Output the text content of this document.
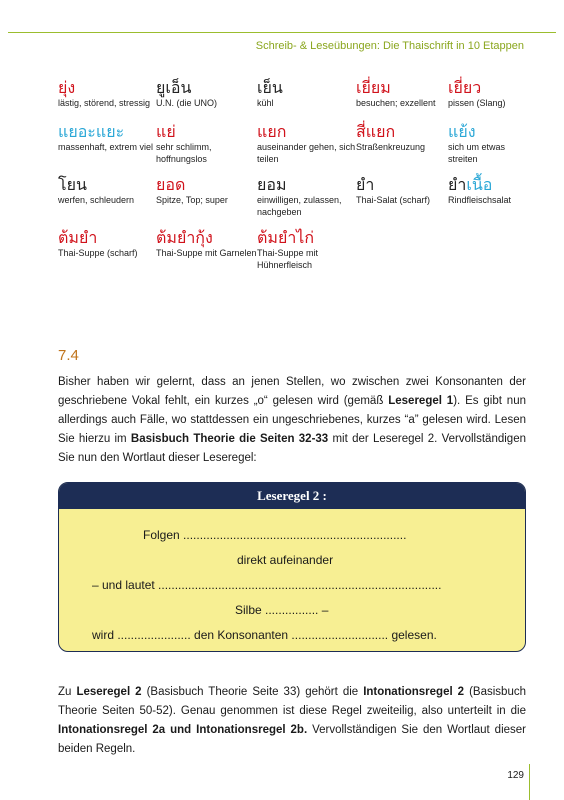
Schreib- & Leseübungen: Die Thaischrift in 10 Etappen
ยุ่ง
lästig, störend, stressig
ยูเอ็น
U.N. (die UNO)
เย็น
kühl
เยี่ยม
besuchen; exzellent
เยี่ยว
pissen (Slang)
แยอะแยะ
massenhaft, extrem viel
แย่
sehr schlimm, hoffnungslos
แยก
auseinander gehen, sich teilen
สี่แยก
Straßenkreuzung
แย้ง
sich um etwas streiten
โยน
werfen, schleudern
ยอด
Spitze, Top; super
ยอม
einwilligen, zulassen, nachgeben
ยำ
Thai-Salat (scharf)
ยำเนื้อ
Rindfleischsalat
ต้มยำ
Thai-Suppe (scharf)
ต้มยำกุ้ง
Thai-Suppe mit Garnelen
ต้มยำไก่
Thai-Suppe mit Hühnerfleisch
7.4
Bisher haben wir gelernt, dass an jenen Stellen, wo zwischen zwei Konsonanten der geschriebene Vokal fehlt, ein kurzes „o“ gelesen wird (gemäß Leseregel 1). Es gibt nun allerdings auch Fälle, wo stattdessen ein ungeschriebenes, kurzes “a” gelesen wird. Lesen Sie hierzu im Basisbuch Theorie die Seiten 32-33 mit der Leseregel 2. Vervollständigen Sie nun den Wortlaut dieser Leseregel:
Leseregel 2 :
Folgen ...................................................................
direkt aufeinander
– und lautet .....................................................................................
Silbe ................ –
wird ...................... den Konsonanten ............................. gelesen.
Zu Leseregel 2 (Basisbuch Theorie Seite 33) gehört die Intonationsregel 2 (Basisbuch Theorie Seiten 50-52). Genau genommen ist diese Regel zweiteilig, also unterteilt in die Intonationsregel 2a und Intonationsregel 2b. Vervollständigen Sie den Wortlaut dieser beiden Regeln.
129
